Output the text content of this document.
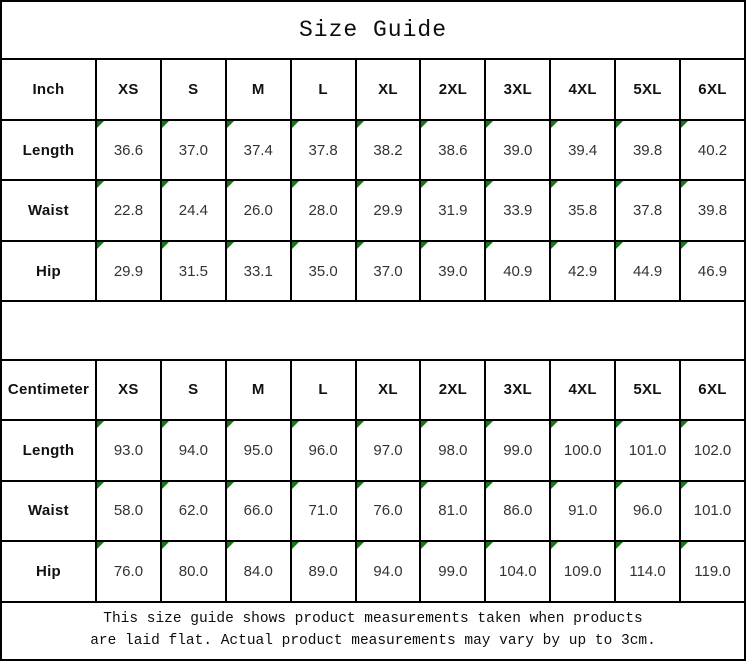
Size Guide										
Inch	XS	S	M	L	XL	2XL	3XL	4XL	5XL	6XL
Length	36.6	37.0	37.4	37.8	38.2	38.6	39.0	39.4	39.8	40.2
Waist	22.8	24.4	26.0	28.0	29.9	31.9	33.9	35.8	37.8	39.8
Hip	29.9	31.5	33.1	35.0	37.0	39.0	40.9	42.9	44.9	46.9

Centimeter	XS	S	M	L	XL	2XL	3XL	4XL	5XL	6XL
Length	93.0	94.0	95.0	96.0	97.0	98.0	99.0	100.0	101.0	102.0
Waist	58.0	62.0	66.0	71.0	76.0	81.0	86.0	91.0	96.0	101.0
Hip	76.0	80.0	84.0	89.0	94.0	99.0	104.0	109.0	114.0	119.0

This size guide shows product measurements taken when products
are laid flat. Actual product measurements may vary by up to 3cm.										
